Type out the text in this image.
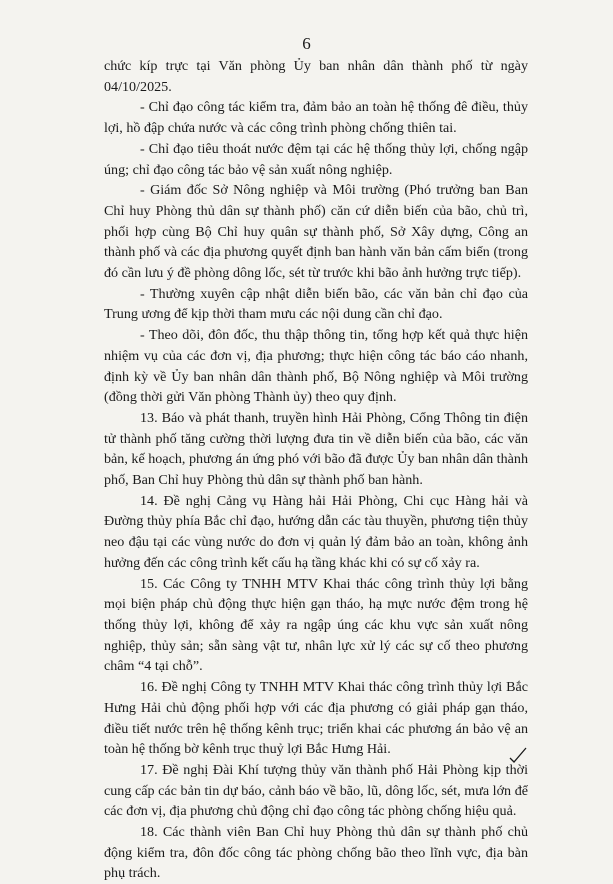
6

chức kíp trực tại Văn phòng Ủy ban nhân dân thành phố từ ngày 04/10/2025.

- Chỉ đạo công tác kiểm tra, đảm bảo an toàn hệ thống đê điều, thủy lợi, hồ đập chứa nước và các công trình phòng chống thiên tai.

- Chỉ đạo tiêu thoát nước đệm tại các hệ thống thủy lợi, chống ngập úng; chỉ đạo công tác bảo vệ sản xuất nông nghiệp.

- Giám đốc Sở Nông nghiệp và Môi trường (Phó trưởng ban Ban Chỉ huy Phòng thủ dân sự thành phố) căn cứ diễn biến của bão, chủ trì, phối hợp cùng Bộ Chỉ huy quân sự thành phố, Sở Xây dựng, Công an thành phố và các địa phương quyết định ban hành văn bản cấm biển (trong đó cần lưu ý đề phòng dông lốc, sét từ trước khi bão ảnh hưởng trực tiếp).

- Thường xuyên cập nhật diễn biến bão, các văn bản chỉ đạo của Trung ương để kịp thời tham mưu các nội dung cần chỉ đạo.

- Theo dõi, đôn đốc, thu thập thông tin, tổng hợp kết quả thực hiện nhiệm vụ của các đơn vị, địa phương; thực hiện công tác báo cáo nhanh, định kỳ về Ủy ban nhân dân thành phố, Bộ Nông nghiệp và Môi trường (đồng thời gửi Văn phòng Thành ủy) theo quy định.

13. Báo và phát thanh, truyền hình Hải Phòng, Cổng Thông tin điện tử thành phố tăng cường thời lượng đưa tin về diễn biến của bão, các văn bản, kế hoạch, phương án ứng phó với bão đã được Ủy ban nhân dân thành phố, Ban Chỉ huy Phòng thủ dân sự thành phố ban hành.

14. Đề nghị Cảng vụ Hàng hải Hải Phòng, Chi cục Hàng hải và Đường thủy phía Bắc chỉ đạo, hướng dẫn các tàu thuyền, phương tiện thủy neo đậu tại các vùng nước do đơn vị quản lý đảm bảo an toàn, không ảnh hưởng đến các công trình kết cấu hạ tầng khác khi có sự cố xảy ra.

15. Các Công ty TNHH MTV Khai thác công trình thủy lợi bằng mọi biện pháp chủ động thực hiện gạn tháo, hạ mực nước đệm trong hệ thống thủy lợi, không để xảy ra ngập úng các khu vực sản xuất nông nghiệp, thủy sản; sẵn sàng vật tư, nhân lực xử lý các sự cố theo phương châm “4 tại chỗ”.

16. Đề nghị Công ty TNHH MTV Khai thác công trình thủy lợi Bắc Hưng Hải chủ động phối hợp với các địa phương có giải pháp gạn tháo, điều tiết nước trên hệ thống kênh trục; triển khai các phương án bảo vệ an toàn hệ thống bờ kênh trục thuỷ lợi Bắc Hưng Hải.

17. Đề nghị Đài Khí tượng thủy văn thành phố Hải Phòng kịp thời cung cấp các bản tin dự báo, cảnh báo về bão, lũ, dông lốc, sét, mưa lớn để các đơn vị, địa phương chủ động chỉ đạo công tác phòng chống hiệu quả.

18. Các thành viên Ban Chỉ huy Phòng thủ dân sự thành phố chủ động kiểm tra, đôn đốc công tác phòng chống bão theo lĩnh vực, địa bàn phụ trách.
